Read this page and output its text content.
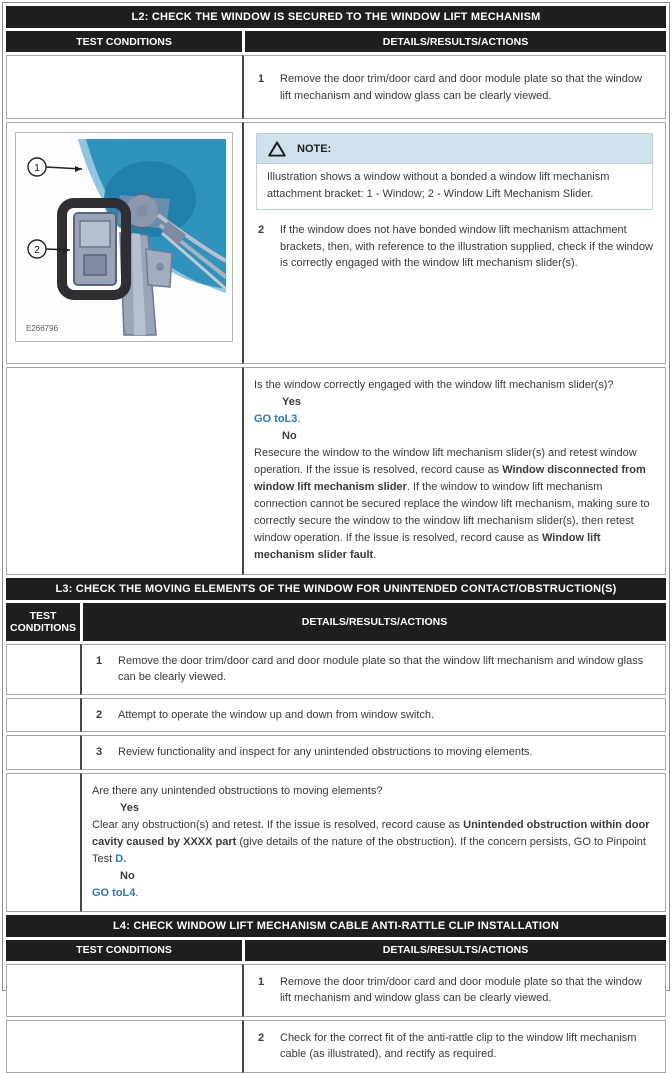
L2: CHECK THE WINDOW IS SECURED TO THE WINDOW LIFT MECHANISM
TEST CONDITIONS	DETAILS/RESULTS/ACTIONS
1	Remove the door trim/door card and door module plate so that the window lift mechanism and window glass can be clearly viewed.
1
2
E266796
NOTE:
Illustration shows a window without a bonded a window lift mechanism attachment bracket: 1 - Window; 2 - Window Lift Mechanism Slider.
2	If the window does not have bonded window lift mechanism attachment brackets, then, with reference to the illustration supplied, check if the window is correctly engaged with the window lift mechanism slider(s).
Is the window correctly engaged with the window lift mechanism slider(s)?
Yes
GO toL3.
No
Resecure the window to the window lift mechanism slider(s) and retest window operation. If the issue is resolved, record cause as Window disconnected from window lift mechanism slider. If the window to window lift mechanism connection cannot be secured replace the window lift mechanism, making sure to correctly secure the window to the window lift mechanism slider(s), then retest window operation. If the issue is resolved, record cause as Window lift mechanism slider fault.
L3: CHECK THE MOVING ELEMENTS OF THE WINDOW FOR UNINTENDED CONTACT/OBSTRUCTION(S)
TEST CONDITIONS	DETAILS/RESULTS/ACTIONS
1	Remove the door trim/door card and door module plate so that the window lift mechanism and window glass can be clearly viewed.
2	Attempt to operate the window up and down from window switch.
3	Review functionality and inspect for any unintended obstructions to moving elements.
Are there any unintended obstructions to moving elements?
Yes
Clear any obstruction(s) and retest. If the issue is resolved, record cause as Unintended obstruction within door cavity caused by XXXX part (give details of the nature of the obstruction). If the concern persists, GO to Pinpoint Test D.
No
GO toL4.
L4: CHECK WINDOW LIFT MECHANISM CABLE ANTI-RATTLE CLIP INSTALLATION
TEST CONDITIONS	DETAILS/RESULTS/ACTIONS
1	Remove the door trim/door card and door module plate so that the window lift mechanism and window glass can be clearly viewed.
2	Check for the correct fit of the anti-rattle clip to the window lift mechanism cable (as illustrated), and rectify as required.
